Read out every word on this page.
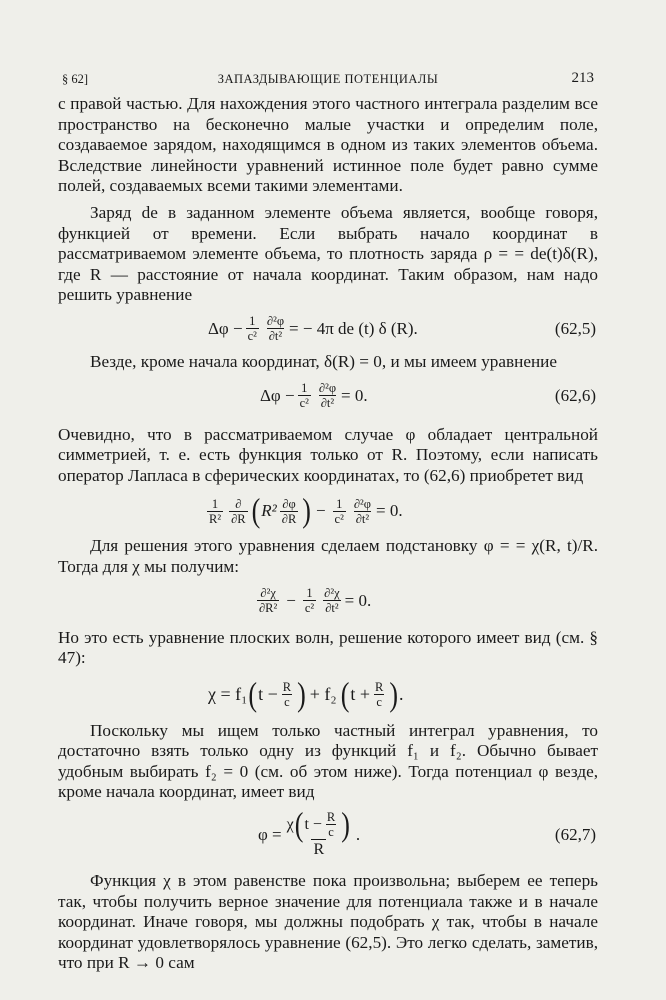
§ 62]	ЗАПАЗДЫВАЮЩИЕ ПОТЕНЦИАЛЫ	213

с правой частью. Для нахождения этого частного интеграла разделим все пространство на бесконечно малые участки и определим поле, создаваемое зарядом, находящимся в одном из таких элементов объема. Вследствие линейности уравнений истинное поле будет равно сумме полей, создаваемых всеми такими элементами.

Заряд de в заданном элементе объема является, вообще говоря, функцией от времени. Если выбрать начало координат в рассматриваемом элементе объема, то плотность заряда ρ = = de(t)δ(R), где R — расстояние от начала координат. Таким образом, нам надо решить уравнение

$\Delta\varphi - \frac{1}{\text{c²}} \frac{\text{∂²φ}}{\text{∂t²}}$ = − 4π de (t) δ (R).	(62,5)

Везде, кроме начала координат, δ(R) = 0, и мы имеем уравнение

$\Delta\varphi - \frac{1}{\text{c²}} \frac{\text{∂²φ}}{\text{∂t²}} = 0$.	(62,6)

Очевидно, что в рассматриваемом случае φ обладает центральной симметрией, т. е. есть функция только от R. Поэтому, если написать оператор Лапласа в сферических координатах, то (62,6) приобретет вид

$\frac{1}{\text{R²}} \frac{\partial}{\partial R}$ ( $R^2 \frac{\partial\varphi}{\partial R}$ ) − $\frac{1}{\text{c²}} \frac{\text{∂²φ}}{\text{∂t²}} = 0$.

Для решения этого уравнения сделаем подстановку φ = = χ(R, t)/R. Тогда для χ мы получим:

$\frac{\text{∂²χ}}{\text{∂R²}} - \frac{1}{\text{c²}} \frac{\text{∂²χ}}{\text{∂t²}} = 0$.

Но это есть уравнение плоских волн, решение которого имеет вид (см. § 47):

χ = f₁ ( $t - \frac{R}{c}$ ) + f₂ ( $t + \frac{R}{c}$ ) .

Поскольку мы ищем только частный интеграл уравнения, то достаточно взять только одну из функций f₁ и f₂. Обычно бывает удобным выбирать f₂ = 0 (см. об этом ниже). Тогда потенциал φ везде, кроме начала координат, имеет вид

$\varphi = \frac{\chi ( t - \frac{R}{c} )}{R}$ .	(62,7)

Функция χ в этом равенстве пока произвольна; выберем ее теперь так, чтобы получить верное значение для потенциала также и в начале координат. Иначе говоря, мы должны подобрать χ так, чтобы в начале координат удовлетворялось уравнение (62,5). Это легко сделать, заметив, что при R → 0 сам
